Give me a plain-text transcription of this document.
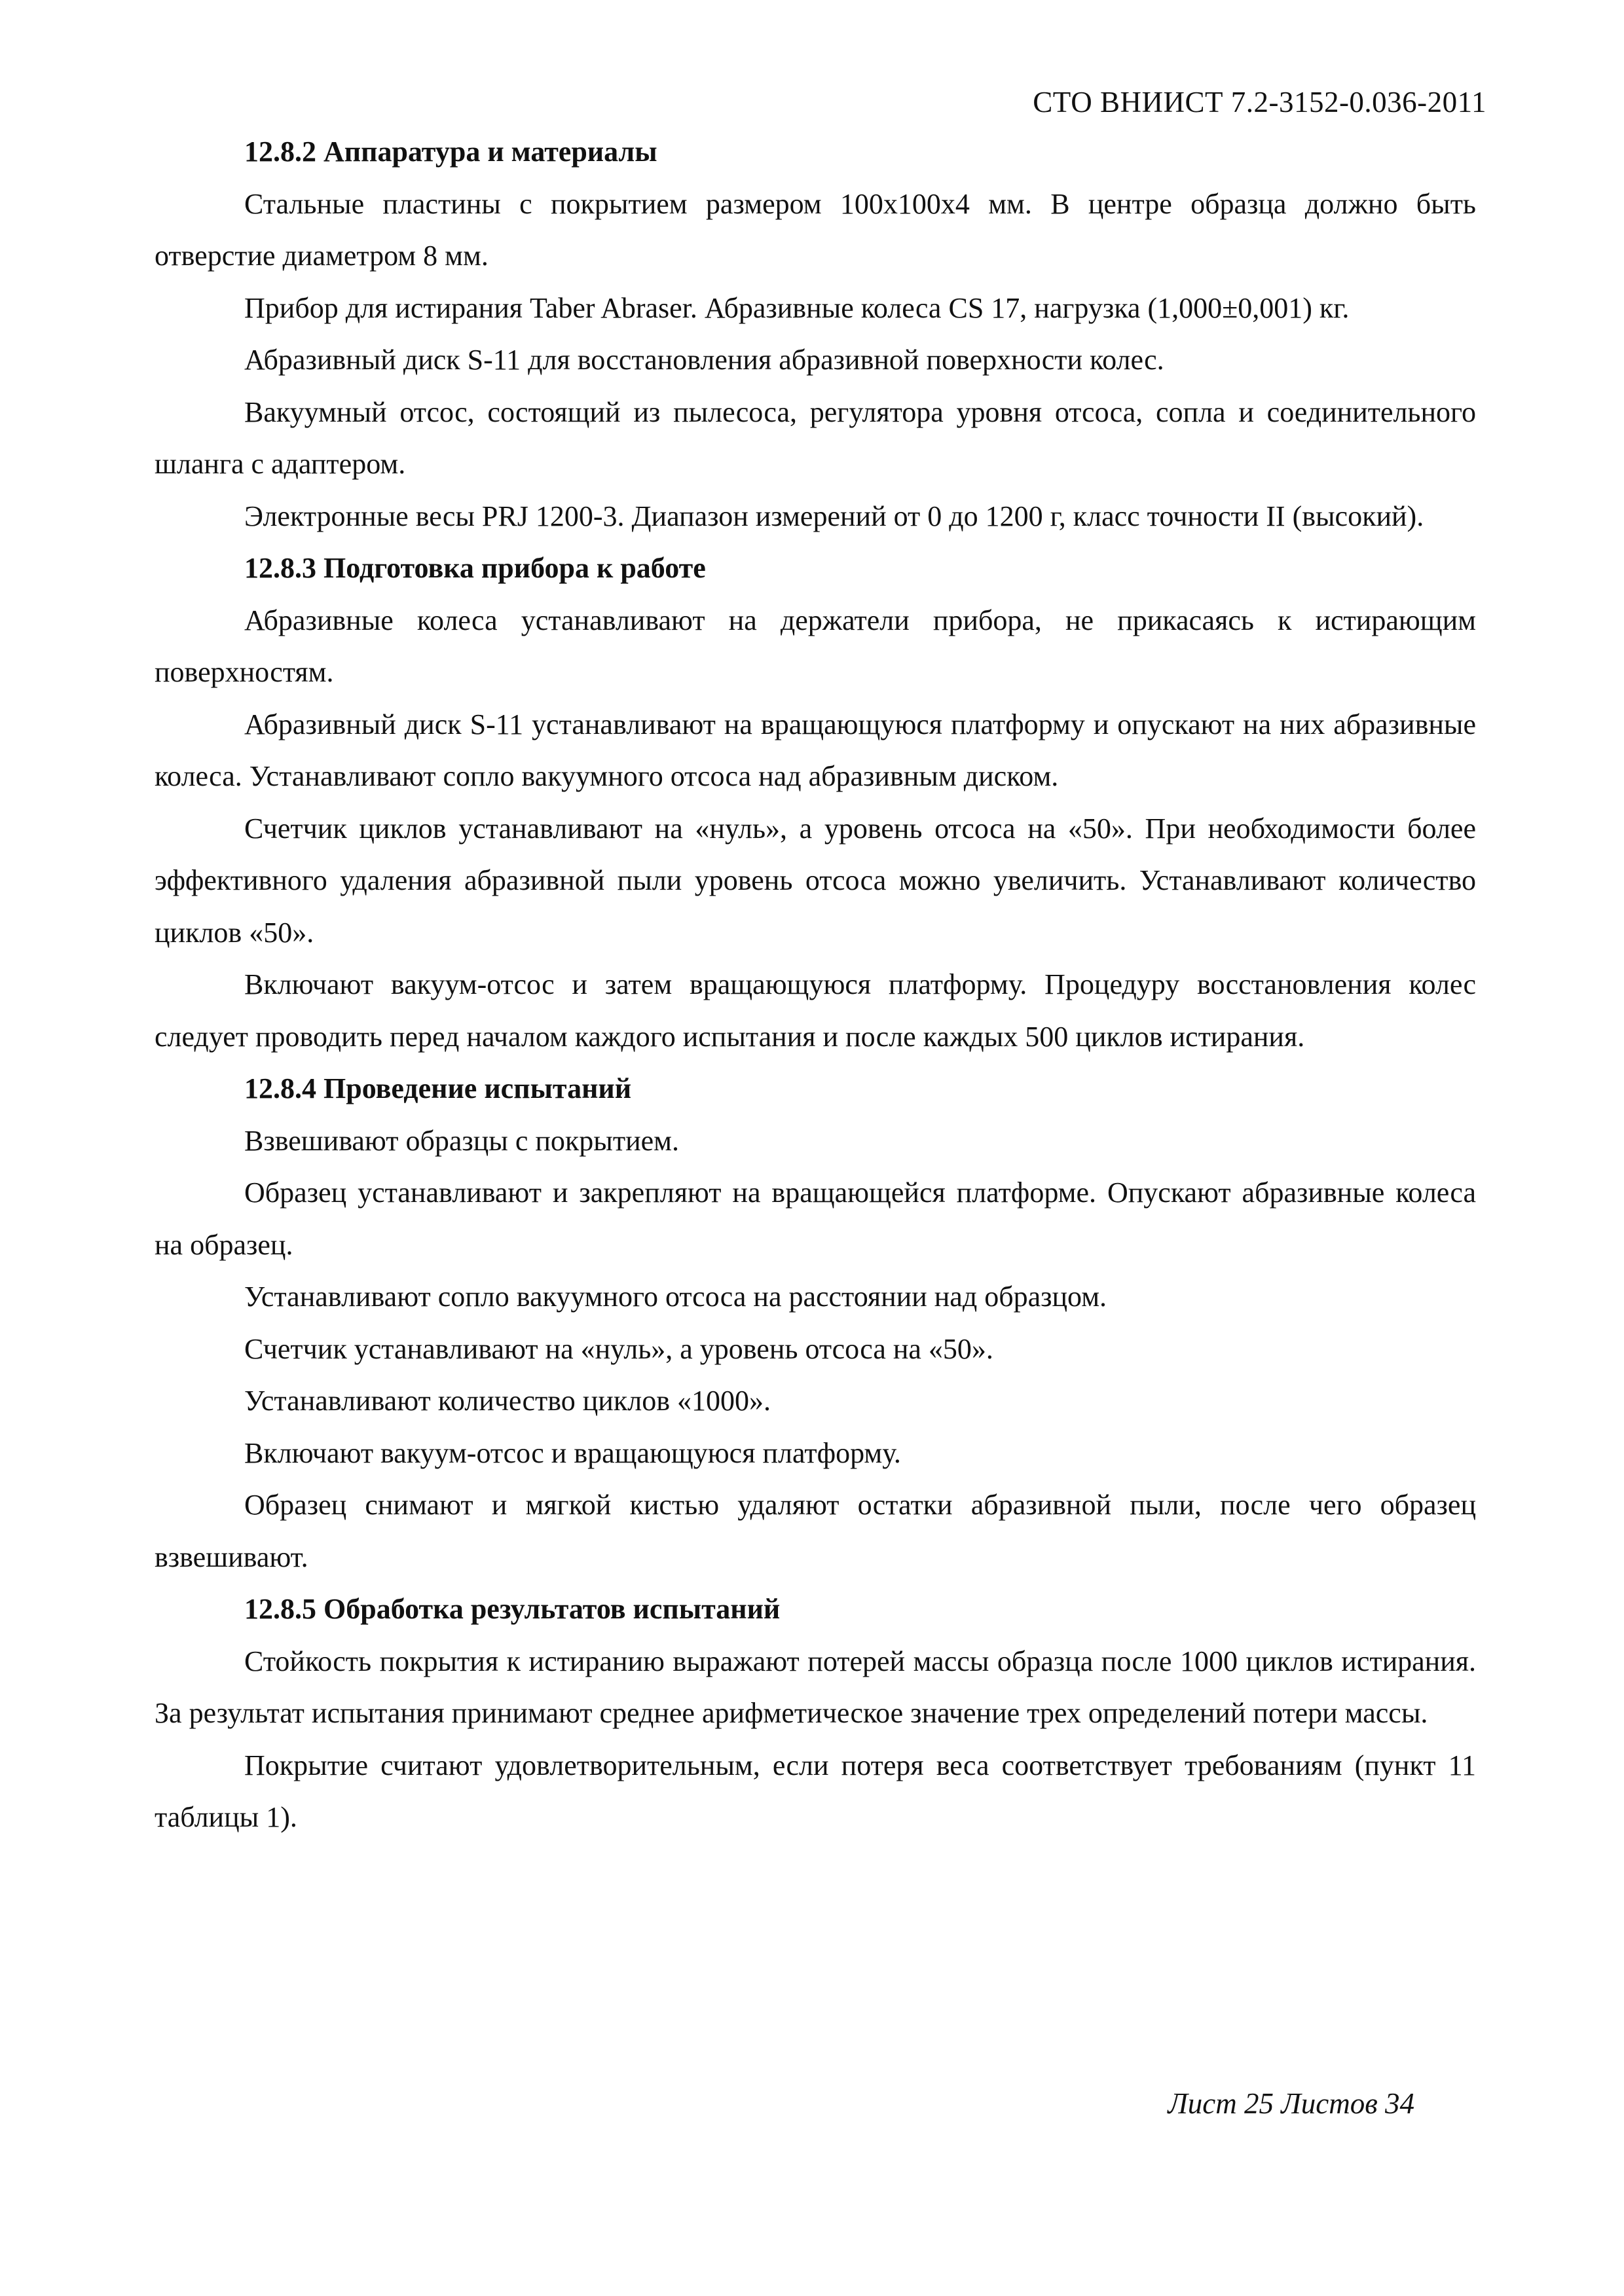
СТО ВНИИСТ 7.2-3152-0.036-2011

12.8.2 Аппаратура и материалы

Стальные пластины с покрытием размером 100х100х4 мм. В центре образца должно быть отверстие диаметром 8 мм.

Прибор для истирания Taber Abraser. Абразивные колеса CS 17, нагрузка (1,000±0,001) кг.

Абразивный диск S-11 для восстановления абразивной поверхности колес.

Вакуумный отсос, состоящий из пылесоса, регулятора уровня отсоса, сопла и соединительного шланга с адаптером.

Электронные весы PRJ 1200-3. Диапазон измерений от 0 до 1200 г, класс точности II (высокий).

12.8.3 Подготовка прибора к работе

Абразивные колеса устанавливают на держатели прибора, не прикасаясь к истирающим поверхностям.

Абразивный диск S-11 устанавливают на вращающуюся платформу и опускают на них абразивные колеса. Устанавливают сопло вакуумного отсоса над абразивным диском.

Счетчик циклов устанавливают на «нуль», а уровень отсоса на «50». При необходимости более эффективного удаления абразивной пыли уровень отсоса можно увеличить. Устанавливают количество циклов «50».

Включают вакуум-отсос и затем вращающуюся платформу. Процедуру восстановления колес следует проводить перед началом каждого испытания и после каждых 500 циклов истирания.

12.8.4 Проведение испытаний

Взвешивают образцы с покрытием.

Образец устанавливают и закрепляют на вращающейся платформе. Опускают абразивные колеса на образец.

Устанавливают сопло вакуумного отсоса на расстоянии над образцом.

Счетчик устанавливают на «нуль», а уровень отсоса на «50».

Устанавливают количество циклов «1000».

Включают вакуум-отсос и вращающуюся платформу.

Образец снимают и мягкой кистью удаляют остатки абразивной пыли, после чего образец взвешивают.

12.8.5 Обработка результатов испытаний

Стойкость покрытия к истиранию выражают потерей массы образца после 1000 циклов истирания. За результат испытания принимают среднее арифметическое значение трех определений потери массы.

Покрытие считают удовлетворительным, если потеря веса соответствует требованиям (пункт 11 таблицы 1).

Лист 25 Листов 34
